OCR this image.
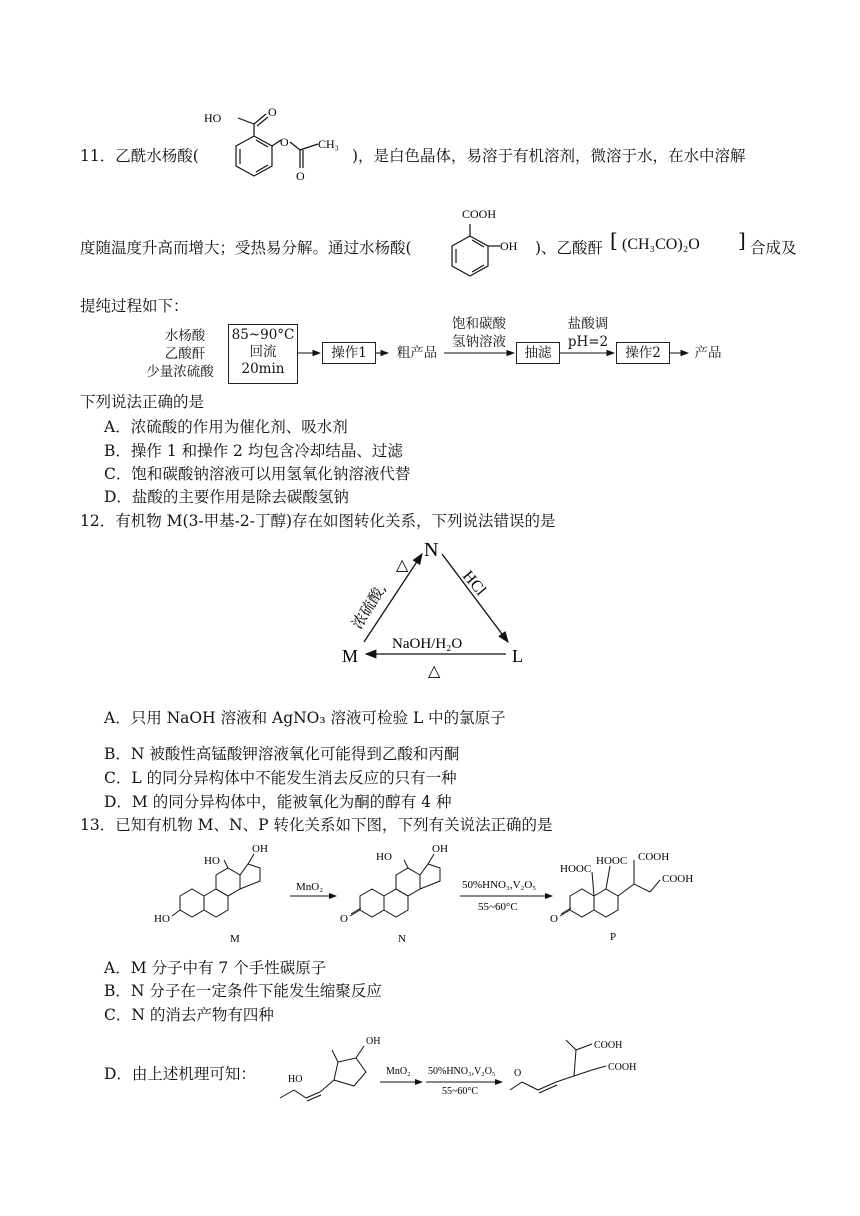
11．乙酰水杨酸(
HO	O
O
O
CH₃
)，是白色晶体，易溶于有机溶剂，微溶于水，在水中溶解
度随温度升高而增大；受热易分解。通过水杨酸(
COOH
OH )、乙酸酐 [ (CH₃CO)₂O ] 合成及
提纯过程如下：
水杨酸
乙酸酐
少量浓硫酸
85~90°C
回流
20min
操作1	粗产品
饱和碳酸
氢钠溶液
抽滤
盐酸调
pH=2
操作2	产品
下列说法正确的是
A．浓硫酸的作用为催化剂、吸水剂
B．操作 1 和操作 2 均包含冷却结晶、过滤
C．饱和碳酸钠溶液可以用氢氧化钠溶液代替
D．盐酸的主要作用是除去碳酸氢钠
12．有机物 M(3-甲基-2-丁醇)存在如图转化关系，下列说法错误的是
N
M	L
浓硫酸,
△
HCl
NaOH/H₂O
△
A．只用 NaOH 溶液和 AgNO₃ 溶液可检验 L 中的氯原子
B．N 被酸性高锰酸钾溶液氧化可能得到乙酸和丙酮
C．L 的同分异构体中不能发生消去反应的只有一种
D．M 的同分异构体中，能被氧化为酮的醇有 4 种
13．已知有机物 M、N、P 转化关系如下图，下列有关说法正确的是
HO
OH
HO
M
MnO₂
HO
OH
O
N
50%HNO₃,V₂O₅
55~60°C
O
HOOC
HOOC COOH
COOH
P
A．M 分子中有 7 个手性碳原子
B．N 分子在一定条件下能发生缩聚反应
C．N 的消去产物有四种
D．由上述机理可知：	HO
OH
MnO₂ 50%HNO₃,V₂O₅
55~60°C
O
COOH
COOH
